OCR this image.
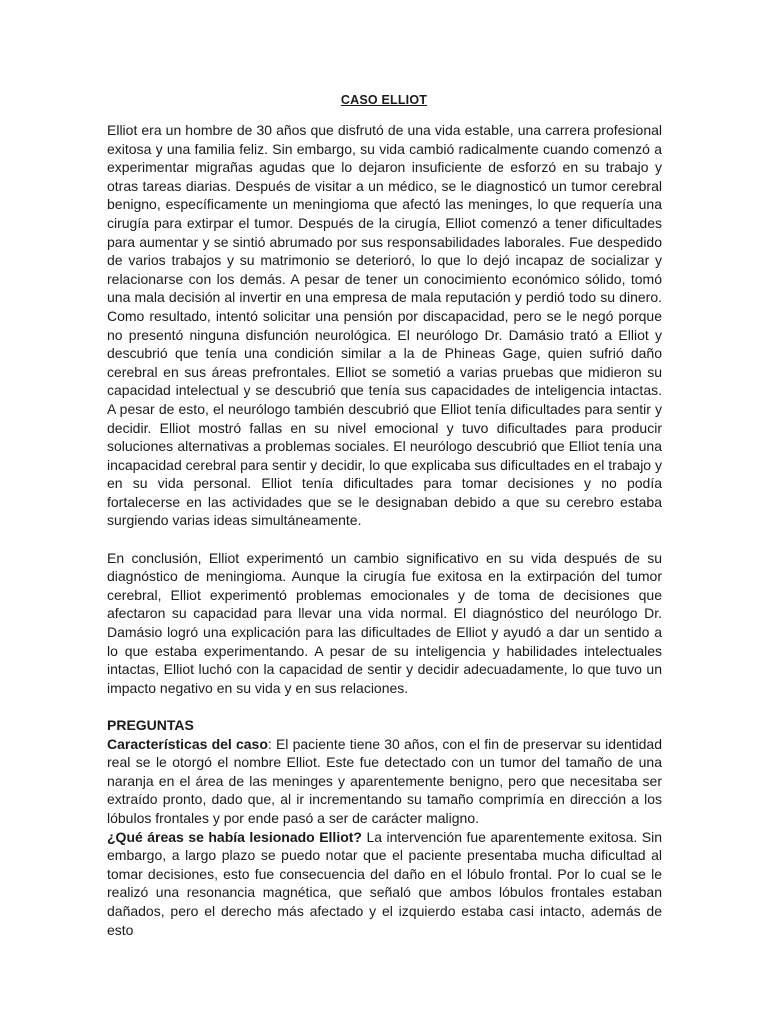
CASO ELLIOT

Elliot era un hombre de 30 años que disfrutó de una vida estable, una carrera profesional exitosa y una familia feliz. Sin embargo, su vida cambió radicalmente cuando comenzó a experimentar migrañas agudas que lo dejaron insuficiente de esforzó en su trabajo y otras tareas diarias. Después de visitar a un médico, se le diagnosticó un tumor cerebral benigno, específicamente un meningioma que afectó las meninges, lo que requería una cirugía para extirpar el tumor. Después de la cirugía, Elliot comenzó a tener dificultades para aumentar y se sintió abrumado por sus responsabilidades laborales. Fue despedido de varios trabajos y su matrimonio se deterioró, lo que lo dejó incapaz de socializar y relacionarse con los demás. A pesar de tener un conocimiento económico sólido, tomó una mala decisión al invertir en una empresa de mala reputación y perdió todo su dinero. Como resultado, intentó solicitar una pensión por discapacidad, pero se le negó porque no presentó ninguna disfunción neurológica. El neurólogo Dr. Damásio trató a Elliot y descubrió que tenía una condición similar a la de Phineas Gage, quien sufrió daño cerebral en sus áreas prefrontales. Elliot se sometió a varias pruebas que midieron su capacidad intelectual y se descubrió que tenía sus capacidades de inteligencia intactas. A pesar de esto, el neurólogo también descubrió que Elliot tenía dificultades para sentir y decidir. Elliot mostró fallas en su nivel emocional y tuvo dificultades para producir soluciones alternativas a problemas sociales. El neurólogo descubrió que Elliot tenía una incapacidad cerebral para sentir y decidir, lo que explicaba sus dificultades en el trabajo y en su vida personal. Elliot tenía dificultades para tomar decisiones y no podía fortalecerse en las actividades que se le designaban debido a que su cerebro estaba surgiendo varias ideas simultáneamente.

En conclusión, Elliot experimentó un cambio significativo en su vida después de su diagnóstico de meningioma. Aunque la cirugía fue exitosa en la extirpación del tumor cerebral, Elliot experimentó problemas emocionales y de toma de decisiones que afectaron su capacidad para llevar una vida normal. El diagnóstico del neurólogo Dr. Damásio logró una explicación para las dificultades de Elliot y ayudó a dar un sentido a lo que estaba experimentando. A pesar de su inteligencia y habilidades intelectuales intactas, Elliot luchó con la capacidad de sentir y decidir adecuadamente, lo que tuvo un impacto negativo en su vida y en sus relaciones.

PREGUNTAS

Características del caso: El paciente tiene 30 años, con el fin de preservar su identidad real se le otorgó el nombre Elliot. Este fue detectado con un tumor del tamaño de una naranja en el área de las meninges y aparentemente benigno, pero que necesitaba ser extraído pronto, dado que, al ir incrementando su tamaño comprimía en dirección a los lóbulos frontales y por ende pasó a ser de carácter maligno.

¿Qué áreas se había lesionado Elliot? La intervención fue aparentemente exitosa. Sin embargo, a largo plazo se puedo notar que el paciente presentaba mucha dificultad al tomar decisiones, esto fue consecuencia del daño en el lóbulo frontal. Por lo cual se le realizó una resonancia magnética, que señaló que ambos lóbulos frontales estaban dañados, pero el derecho más afectado y el izquierdo estaba casi intacto, además de esto
